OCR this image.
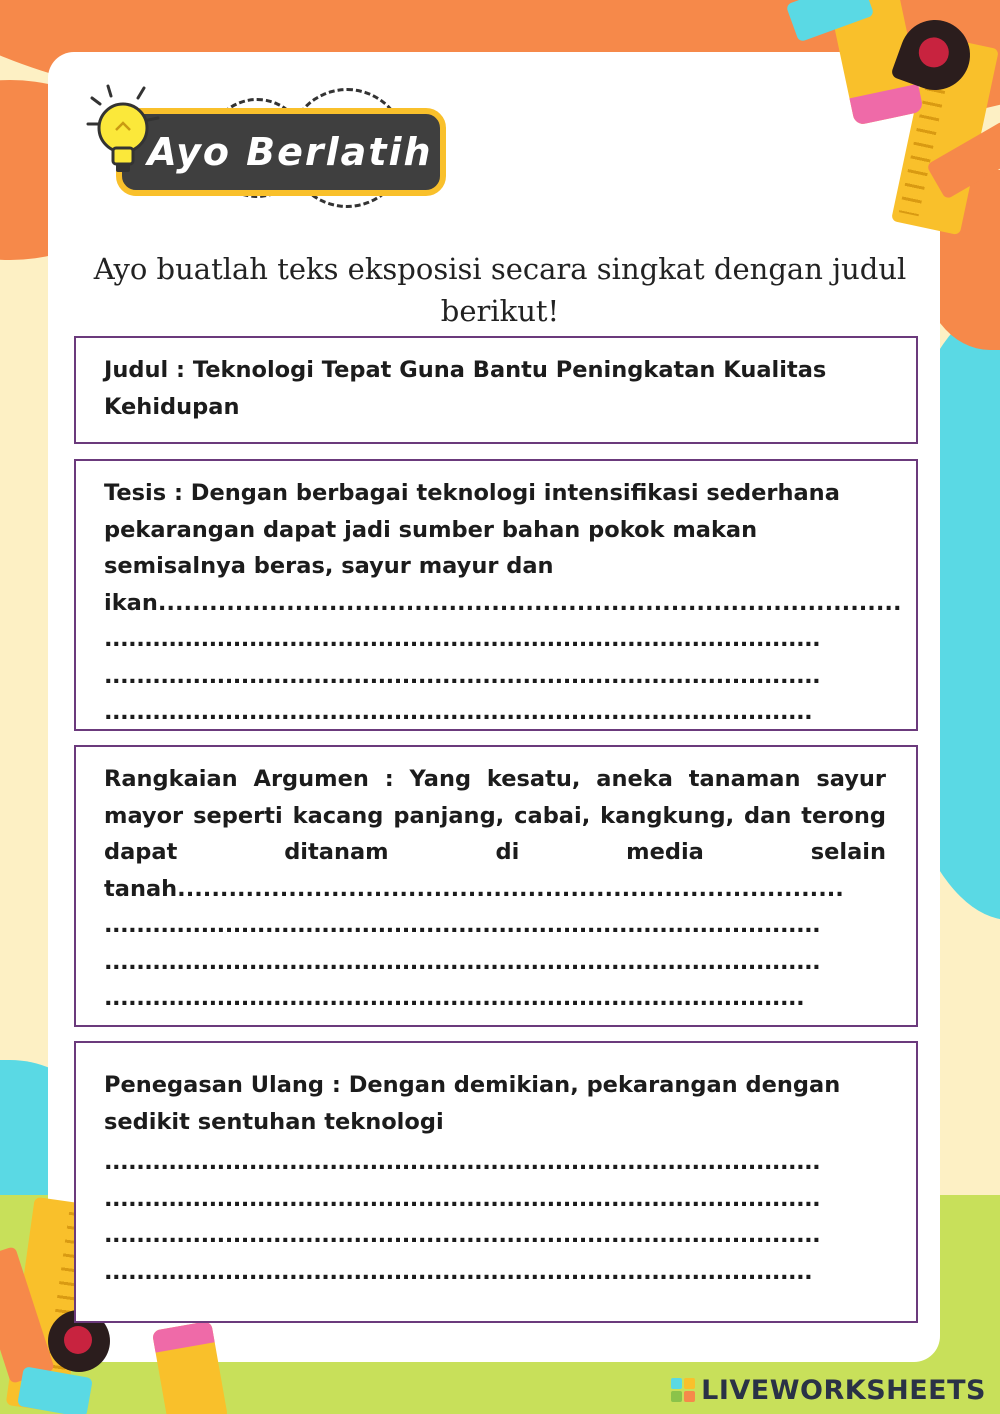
Ayo Berlatih
Ayo buatlah teks eksposisi secara singkat dengan judul berikut!

Judul : Teknologi Tepat Guna Bantu Peningkatan Kualitas Kehidupan

Tesis : Dengan berbagai teknologi intensifikasi sederhana pekarangan dapat jadi sumber bahan pokok makan semisalnya beras, sayur mayur dan ikan.......................................................................................

.........................................................................................

.........................................................................................

........................................................................................

Rangkaian Argumen : Yang kesatu, aneka tanaman sayur mayor seperti kacang panjang, cabai, kangkung, dan terong dapat ditanam di media selain tanah..............................................................................

.........................................................................................

.........................................................................................

.......................................................................................

Penegasan Ulang : Dengan demikian, pekarangan dengan sedikit sentuhan teknologi

.........................................................................................

.........................................................................................

.........................................................................................

........................................................................................

LIVEWORKSHEETS
